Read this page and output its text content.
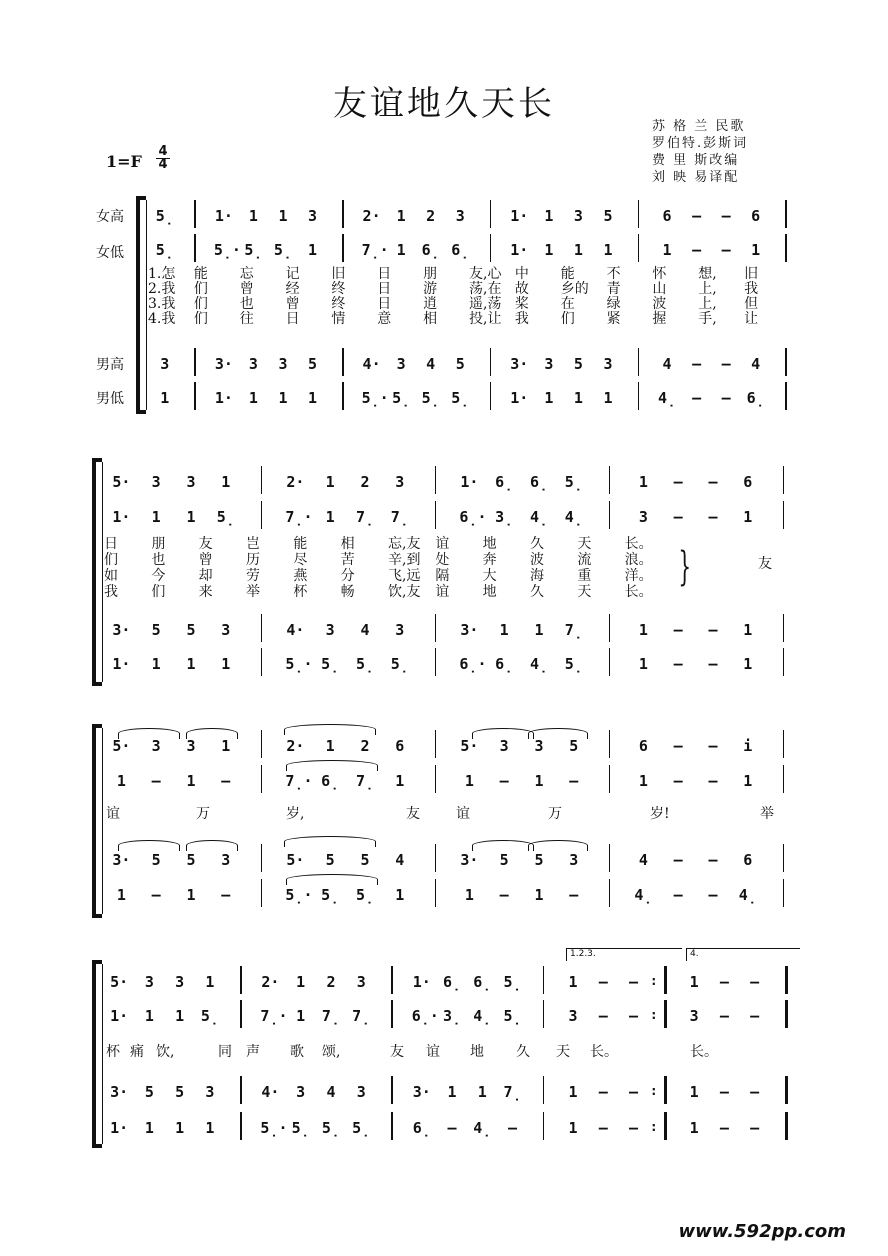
友谊地久天长
苏 格 兰 民歌
罗伯特.彭斯词
费 里 斯改编
刘 映 易译配
1=F
4
4
女高
女低
男高
男低
5̣	1·	1	1	3	2·	1	2	3	1·	1	3	5	6	–	–	6
5̣	5̣· 5̣ 5̣	1	7̣· 1	6̣ 6̣	1·	1	1	1	1	–	–	1
1.怎	能	忘	记	旧	日	朋	友,心 中	能	不	怀	想,	旧
2.我	们	曾	经	终	日	游	荡,在 故	乡的	青	山	上,	我
3.我	们	也	曾	终	日	逍	遥,荡 桨	在	绿	波	上,	但
4.我	们	往	日	情	意	相	投,让 我	们	紧	握	手,	让
3	3·	3	3	5	4·	3	4	5	3·	3	5	3	4	–	–	4
1	1·	1	1	1	5̣· 5̣ 5̣ 5̣	1·	1	1	1	4̣	–	–	6̣
5·	3	3	1	2·	1	2	3	1· 6̣ 6̣ 5̣	1	–	–	6
1·	1	1	5̣	7̣· 1	7̣ 7̣	6̣· 3̣ 4̣ 4̣	3	–	–	1
日	朋	友	岂	能	相	忘,友	谊	地	久	天	长。
们	也	曾	历	尽	苦	辛,到	处	奔	波	流	浪。
如	今	却	劳	燕	分	飞,远	隔	大	海	重	洋。
我	们	来	举	杯	畅	饮,友	谊	地	久	天	长。
}	友
3·	5	5	3	4·	3	4	3	3·	1	1	7̣	1	–	–	1
1·	1	1	1	5̣· 5̣ 5̣ 5̣	6̣· 6̣ 4̣ 5̣	1	–	–	1
5·	3	3	1	2·	1	2	6	5·	3	3	5	6	–	–	i
1	–	1	–	7̣· 6̣ 7̣	1	1	–	1	–	1	–	–	1
谊	万	岁,	友	谊	万	岁!	举
3·	5	5	3	5·	5	5	4	3·	5	5	3	4	–	–	6
1	–	1	–	5̣· 5̣ 5̣	1	1	–	1	–	4̣	–	–	4̣
1.2.3.	4.
5·	3	3	1	2·	1	2	3	1· 6̣ 6̣ 5̣	1	–	– :	1	–	–
1·	1	1	5̣	7̣· 1	7̣ 7̣	6̣· 3̣ 4̣ 5̣	3	–	– :	3	–	–
杯 痛 饮,	同 声 歌 颂,	友 谊 地 久 天 长。	长。
3·	5	5	3	4·	3	4	3	3·	1	1	7̣	1	–	– :	1	–	–
1·	1	1	1	5̣· 5̣ 5̣ 5̣	6̣	–	4̣	–	1	–	– :	1	–	–
www.592pp.com
